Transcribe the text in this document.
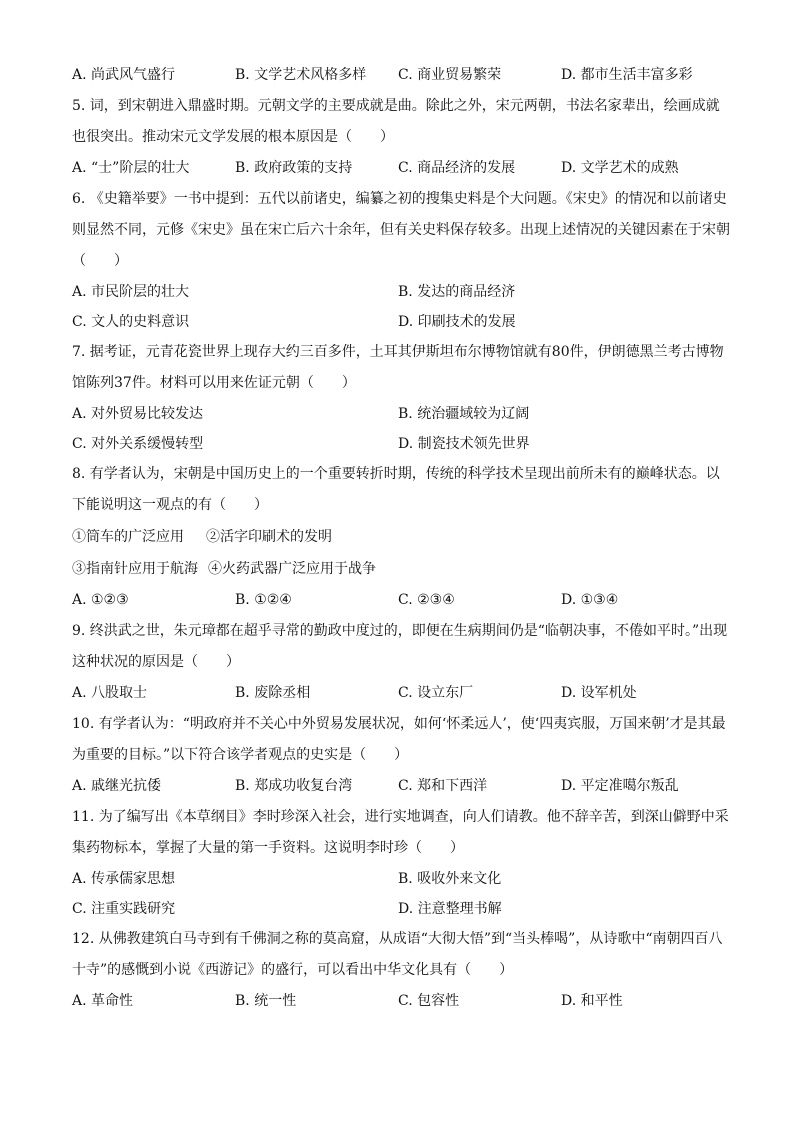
A. 尚武风气盛行	B. 文学艺术风格多样	C. 商业贸易繁荣	D. 都市生活丰富多彩
5. 词，到宋朝进入鼎盛时期。元朝文学的主要成就是曲。除此之外，宋元两朝，书法名家辈出，绘画成就也很突出。推动宋元文学发展的根本原因是（　　）
A. “士”阶层的壮大	B. 政府政策的支持	C. 商品经济的发展	D. 文学艺术的成熟
6. 《史籍举要》一书中提到：五代以前诸史，编纂之初的搜集史料是个大问题。《宋史》的情况和以前诸史则显然不同，元修《宋史》虽在宋亡后六十余年，但有关史料保存较多。出现上述情况的关键因素在于宋朝（　　）
A. 市民阶层的壮大	B. 发达的商品经济
C. 文人的史料意识	D. 印刷技术的发展
7. 据考证，元青花瓷世界上现存大约三百多件，土耳其伊斯坦布尔博物馆就有80件，伊朗德黑兰考古博物馆陈列37件。材料可以用来佐证元朝（　　）
A. 对外贸易比较发达	B. 统治疆域较为辽阔
C. 对外关系缓慢转型	D. 制瓷技术领先世界
8. 有学者认为，宋朝是中国历史上的一个重要转折时期，传统的科学技术呈现出前所未有的巅峰状态。以下能说明这一观点的有（　　）
①筒车的广泛应用 ②活字印刷术的发明
③指南针应用于航海 ④火药武器广泛应用于战争
A. ①②③	B. ①②④	C. ②③④	D. ①③④
9. 终洪武之世，朱元璋都在超乎寻常的勤政中度过的，即便在生病期间仍是“临朝决事，不倦如平时。”出现这种状况的原因是（　　）
A. 八股取士	B. 废除丞相	C. 设立东厂	D. 设军机处
10. 有学者认为：“明政府并不关心中外贸易发展状况，如何‘怀柔远人’，使‘四夷宾服，万国来朝’才是其最为重要的目标。”以下符合该学者观点的史实是（　　）
A. 戚继光抗倭	B. 郑成功收复台湾	C. 郑和下西洋	D. 平定准噶尔叛乱
11. 为了编写出《本草纲目》李时珍深入社会，进行实地调查，向人们请教。他不辞辛苦，到深山僻野中采集药物标本，掌握了大量的第一手资料。这说明李时珍（　　）
A. 传承儒家思想	B. 吸收外来文化
C. 注重实践研究	D. 注意整理书解
12. 从佛教建筑白马寺到有千佛洞之称的莫高窟，从成语“大彻大悟”到“当头棒喝”，从诗歌中“南朝四百八十寺”的感慨到小说《西游记》的盛行，可以看出中华文化具有（　　）
A. 革命性	B. 统一性	C. 包容性	D. 和平性
